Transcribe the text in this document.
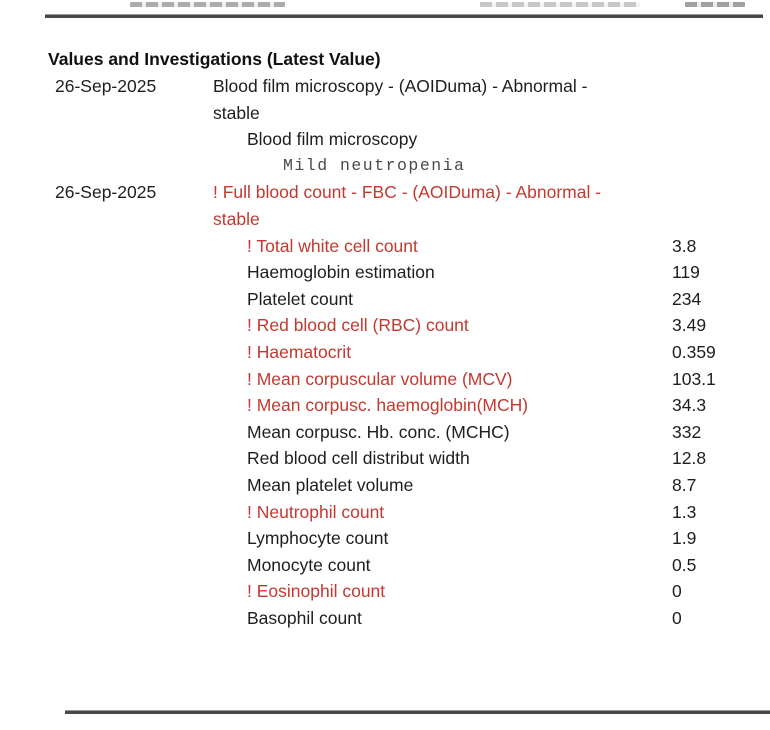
Values and Investigations (Latest Value)
26-Sep-2025	Blood film microscopy - (AOIDuma) - Abnormal -
stable
Blood film microscopy
Mild neutropenia
26-Sep-2025	! Full blood count - FBC - (AOIDuma) - Abnormal -
stable
! Total white cell count	3.8
Haemoglobin estimation	119
Platelet count	234
! Red blood cell (RBC) count	3.49
! Haematocrit	0.359
! Mean corpuscular volume (MCV)	103.1
! Mean corpusc. haemoglobin(MCH)	34.3
Mean corpusc. Hb. conc. (MCHC)	332
Red blood cell distribut width	12.8
Mean platelet volume	8.7
! Neutrophil count	1.3
Lymphocyte count	1.9
Monocyte count	0.5
! Eosinophil count	0
Basophil count	0
